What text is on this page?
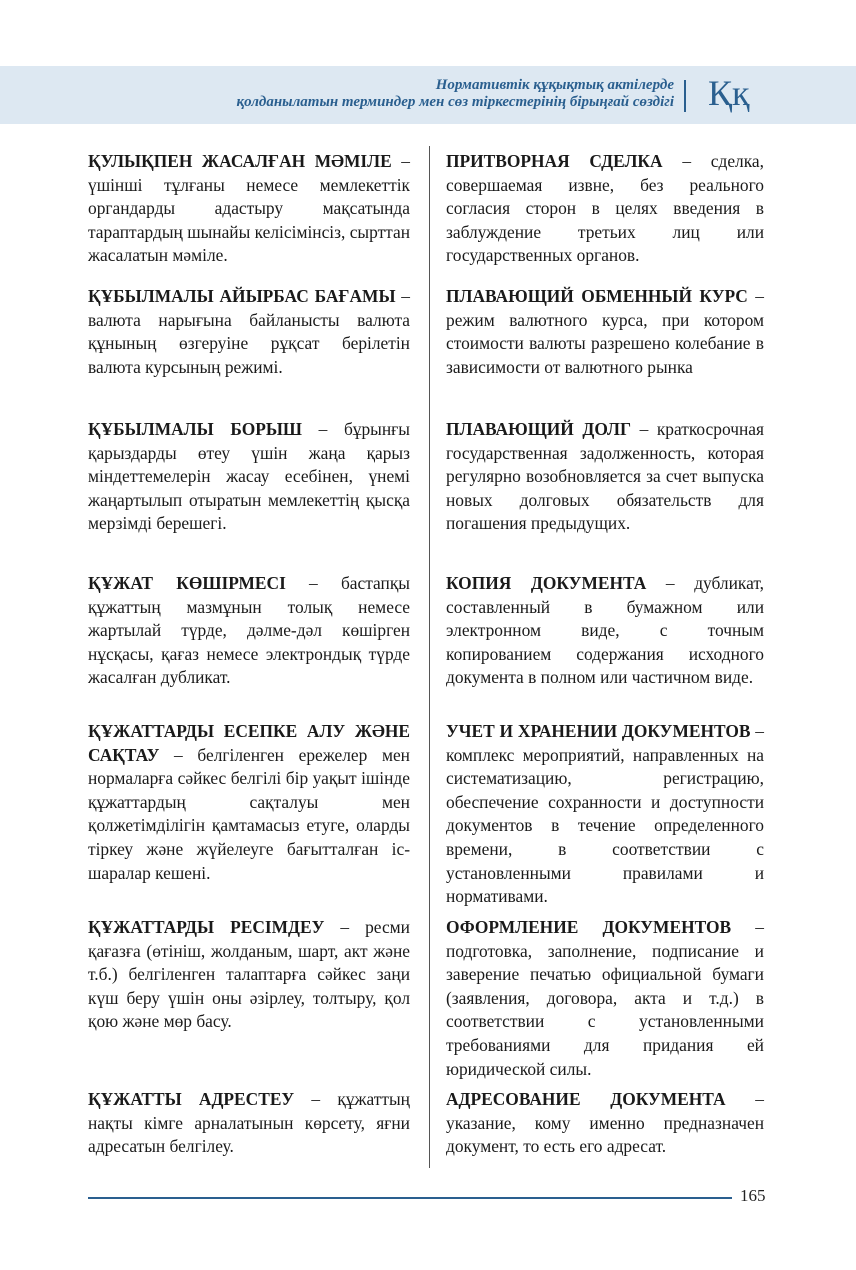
Нормативтік құқықтық актілерде
қолданылатын терминдер мен сөз тіркестерінің бірыңғай сөздігі Ққ
ҚУЛЫҚПЕН ЖАСАЛҒАН МӘМІЛЕ – үшінші тұлғаны немесе мемлекеттік органдарды адастыру мақсатында тараптардың шынайы келісімінсіз, сырттан жасалатын мәміле.
ҚҰБЫЛМАЛЫ АЙЫРБАС БАҒАМЫ – валюта нарығына байланысты валюта құнының өзгеруіне рұқсат берілетін валюта курсының режимі.
ҚҰБЫЛМАЛЫ БОРЫШ – бұрынғы қарыздарды өтеу үшін жаңа қарыз міндеттемелерін жасау есебінен, үнемі жаңартылып отыратын мемлекеттің қысқа мерзімді берешегі.
ҚҰЖАТ КӨШІРМЕСІ – бастапқы құжаттың мазмұнын толық немесе жартылай түрде, дәлме-дәл көшірген нұсқасы, қағаз немесе электрондық түрде жасалған дубликат.
ҚҰЖАТТАРДЫ ЕСЕПКЕ АЛУ ЖӘНЕ САҚТАУ – белгіленген ережелер мен нормаларға сәйкес белгілі бір уақыт ішінде құжаттардың сақталуы мен қолжетімділігін қамтамасыз етуге, оларды тіркеу және жүйелеуге бағытталған іс-шаралар кешені.
ҚҰЖАТТАРДЫ РЕСІМДЕУ – ресми қағазға (өтініш, жолданым, шарт, акт және т.б.) белгіленген талаптарға сәйкес заңи күш беру үшін оны әзірлеу, толтыру, қол қою және мөр басу.
ҚҰЖАТТЫ АДРЕСТЕУ – құжаттың нақты кімге арналатынын көрсету, яғни адресатын белгілеу.
ПРИТВОРНАЯ СДЕЛКА – сделка, совершаемая извне, без реального согласия сторон в целях введения в заблуждение третьих лиц или государственных органов.
ПЛАВАЮЩИЙ ОБМЕННЫЙ КУРС – режим валютного курса, при котором стоимости валюты разрешено колебание в зависимости от валютного рынка
ПЛАВАЮЩИЙ ДОЛГ – краткосрочная государственная задолженность, которая регулярно возобновляется за счет выпуска новых долговых обязательств для погашения предыдущих.
КОПИЯ ДОКУМЕНТА – дубликат, составленный в бумажном или электронном виде, с точным копированием содержания исходного документа в полном или частичном виде.
УЧЕТ И ХРАНЕНИИ ДОКУМЕНТОВ – комплекс мероприятий, направленных на систематизацию, регистрацию, обеспечение сохранности и доступности документов в течение определенного времени, в соответствии с установленными правилами и нормативами.
ОФОРМЛЕНИЕ ДОКУМЕНТОВ – подготовка, заполнение, подписание и заверение печатью официальной бумаги (заявления, договора, акта и т.д.) в соответствии с установленными требованиями для придания ей юридической силы.
АДРЕСОВАНИЕ ДОКУМЕНТА – указание, кому именно предназначен документ, то есть его адресат.
165
